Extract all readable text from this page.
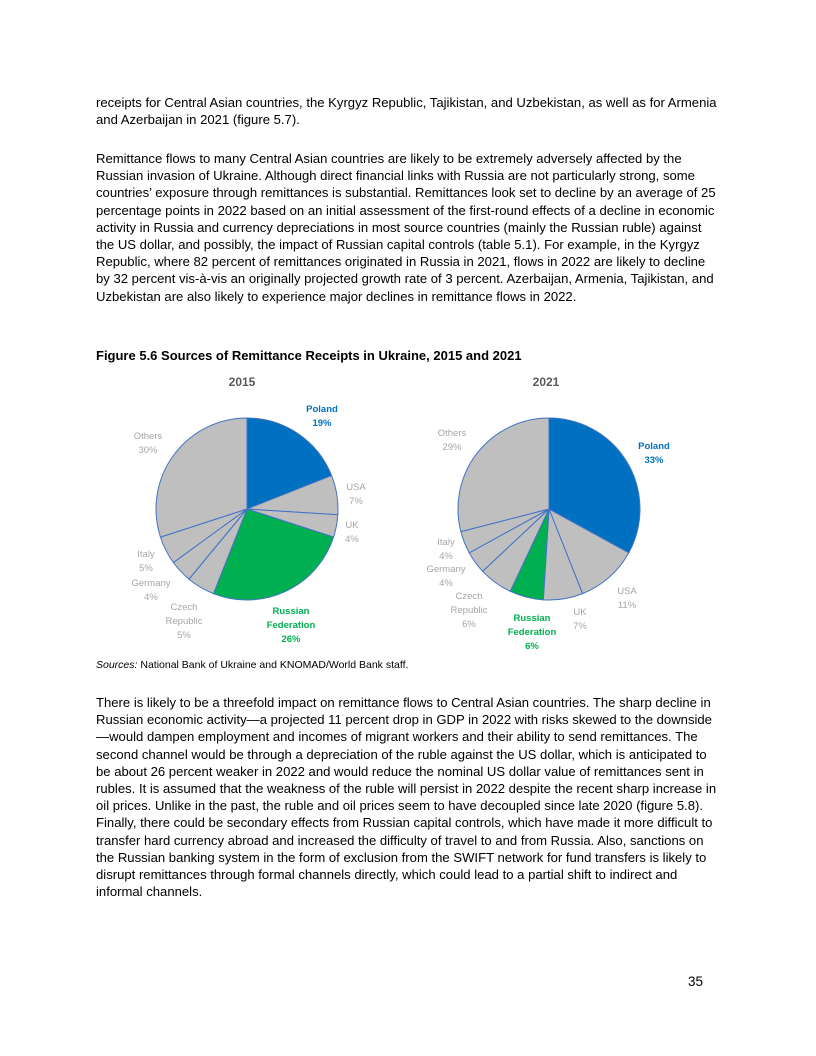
receipts for Central Asian countries, the Kyrgyz Republic, Tajikistan, and Uzbekistan, as well as for Armenia and Azerbaijan in 2021 (figure 5.7).

Remittance flows to many Central Asian countries are likely to be extremely adversely affected by the Russian invasion of Ukraine. Although direct financial links with Russia are not particularly strong, some countries’ exposure through remittances is substantial. Remittances look set to decline by an average of 25 percentage points in 2022 based on an initial assessment of the first-round effects of a decline in economic activity in Russia and currency depreciations in most source countries (mainly the Russian ruble) against the US dollar, and possibly, the impact of Russian capital controls (table 5.1). For example, in the Kyrgyz Republic, where 82 percent of remittances originated in Russia in 2021, flows in 2022 are likely to decline by 32 percent vis-à-vis an originally projected growth rate of 3 percent. Azerbaijan, Armenia, Tajikistan, and Uzbekistan are also likely to experience major declines in remittance flows in 2022.

Figure 5.6 Sources of Remittance Receipts in Ukraine, 2015 and 2021

2015
Poland
19%
USA
7%
UK
4%
Russian
Federation
26%
Czech
Republic
5%
Germany
4%
Italy
5%
Others
30%
2021
Poland
33%
USA
11%
UK
7%
Russian
Federation
6%
Czech
Republic
6%
Germany
4%
Italy
4%
Others
29%

Sources: National Bank of Ukraine and KNOMAD/World Bank staff.

There is likely to be a threefold impact on remittance flows to Central Asian countries. The sharp decline in Russian economic activity—a projected 11 percent drop in GDP in 2022 with risks skewed to the downside—would dampen employment and incomes of migrant workers and their ability to send remittances. The second channel would be through a depreciation of the ruble against the US dollar, which is anticipated to be about 26 percent weaker in 2022 and would reduce the nominal US dollar value of remittances sent in rubles. It is assumed that the weakness of the ruble will persist in 2022 despite the recent sharp increase in oil prices. Unlike in the past, the ruble and oil prices seem to have decoupled since late 2020 (figure 5.8). Finally, there could be secondary effects from Russian capital controls, which have made it more difficult to transfer hard currency abroad and increased the difficulty of travel to and from Russia. Also, sanctions on the Russian banking system in the form of exclusion from the SWIFT network for fund transfers is likely to disrupt remittances through formal channels directly, which could lead to a partial shift to indirect and informal channels.

35
